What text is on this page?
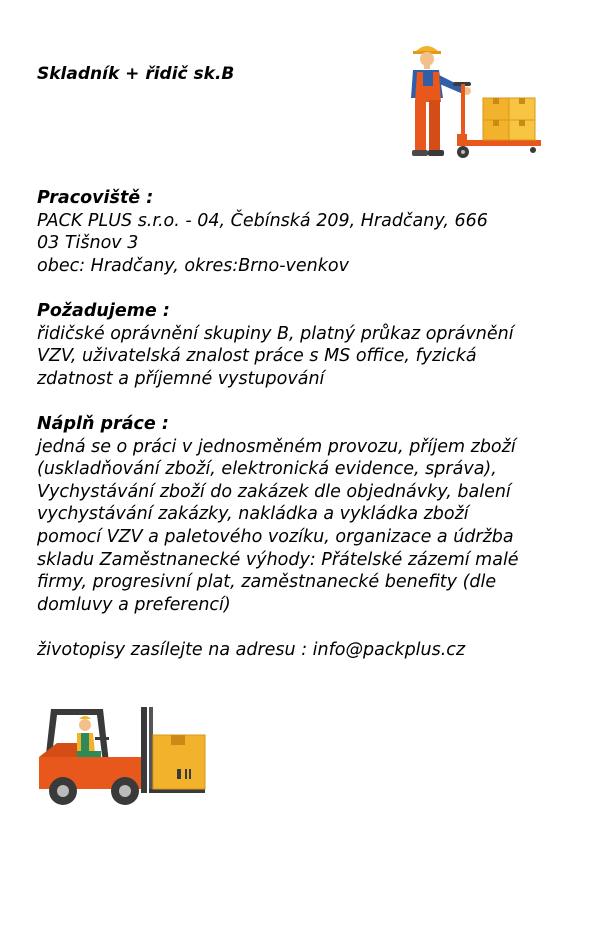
Skladník + řidič sk.B
Pracoviště :
PACK PLUS s.r.o. - 04, Čebínská 209, Hradčany, 666
03 Tišnov 3
obec: Hradčany, okres:Brno-venkov
Požadujeme :
řidičské oprávnění skupiny B, platný průkaz oprávnění
VZV, uživatelská znalost práce s MS office, fyzická
zdatnost a příjemné vystupování
Náplň práce :
jedná se o práci v jednosměném provozu, příjem zboží
(uskladňování zboží, elektronická evidence, správa),
Vychystávání zboží do zakázek dle objednávky, balení
vychystávání zakázky, nakládka a vykládka zboží
pomocí VZV a paletového vozíku, organizace a údržba
skladu Zaměstnanecké výhody: Přátelské zázemí malé
firmy, progresivní plat, zaměstnanecké benefity (dle
domluvy a preferencí)
životopisy zasílejte na adresu : info@packplus.cz
